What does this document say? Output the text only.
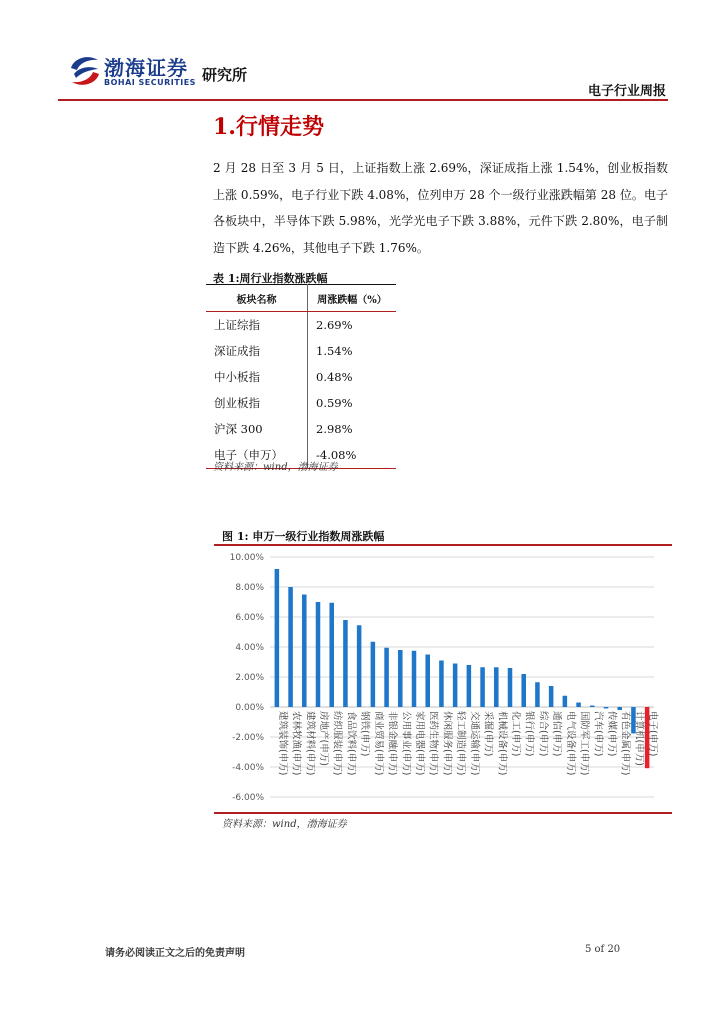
渤海证券
BOHAI SECURITIES 研究所
电子行业周报
1.行情走势
2 月 28 日至 3 月 5 日，上证指数上涨 2.69%，深证成指上涨 1.54%，创业板指数上涨 0.59%，电子行业下跌 4.08%，位列申万 28 个一级行业涨跌幅第 28 位。电子各板块中，半导体下跌 5.98%，光学光电子下跌 3.88%，元件下跌 2.80%，电子制造下跌 4.26%，其他电子下跌 1.76%。
表 1:周行业指数涨跌幅
板块名称	周涨跌幅（%）
上证综指	2.69%
深证成指	1.54%
中小板指	0.48%
创业板指	0.59%
沪深 300	2.98%
电子（申万）	-4.08%
资料来源：wind，渤海证券
图 1: 申万一级行业指数周涨跌幅
10.00%
8.00%
6.00%
4.00%
2.00%
0.00%
-2.00%
-4.00%
-6.00%
建筑装饰(申万) 农林牧渔(申万) 建筑材料(申万) 房地产(申万) 纺织服装(申万) 食品饮料(申万) 钢铁(申万) 商业贸易(申万) 非银金融(申万) 公用事业(申万) 家用电器(申万) 医药生物(申万) 休闲服务(申万) 轻工制造(申万) 交通运输(申万) 采掘(申万) 机械设备(申万) 化工(申万) 银行(申万) 综合(申万) 通信(申万) 电气设备(申万) 国防军工(申万) 汽车(申万) 传媒(申万) 有色金属(申万) 计算机(申万) 电子(申万)
资料来源：wind，渤海证券
请务必阅读正文之后的免责声明	5 of 20
